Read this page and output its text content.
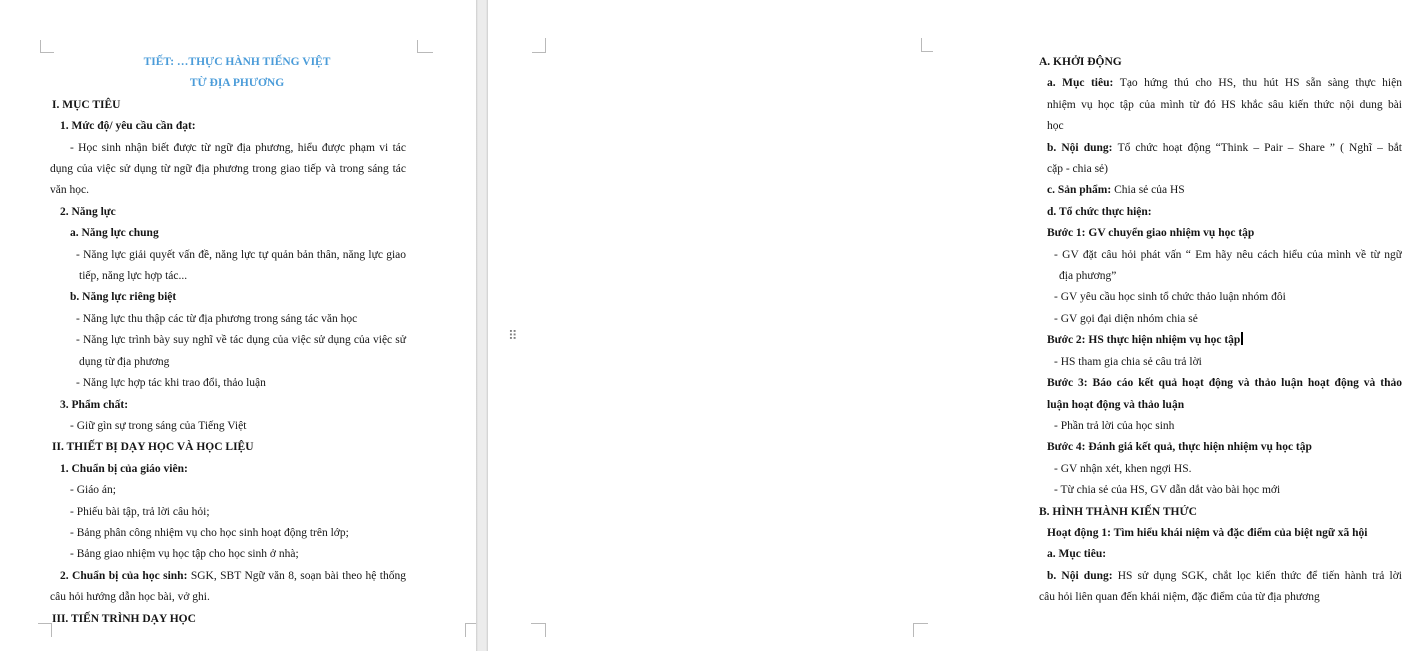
TIẾT: …THỰC HÀNH TIẾNG VIỆT
TỪ ĐỊA PHƯƠNG
I. MỤC TIÊU
1. Mức độ/ yêu cầu cần đạt:
- Học sinh nhận biết được từ ngữ địa phương, hiểu được phạm vi tác
dụng của việc sử dụng từ ngữ địa phương trong giao tiếp và trong sáng tác
văn học.
2. Năng lực
a. Năng lực chung
- Năng lực giải quyết vấn đề, năng lực tự quản bản thân, năng lực giao
tiếp, năng lực hợp tác...
b. Năng lực riêng biệt
- Năng lực thu thập các từ địa phương trong sáng tác văn học
- Năng lực trình bày suy nghĩ về tác dụng của việc sử dụng của việc sử
dụng từ địa phương
- Năng lực hợp tác khi trao đổi, thảo luận
3. Phẩm chất:
- Giữ gìn sự trong sáng của Tiếng Việt
II. THIẾT BỊ DẠY HỌC VÀ HỌC LIỆU
1. Chuẩn bị của giáo viên:
- Giáo án;
- Phiếu bài tập, trả lời câu hỏi;
- Bảng phân công nhiệm vụ cho học sinh hoạt động trên lớp;
- Bảng giao nhiệm vụ học tập cho học sinh ở nhà;
2. Chuẩn bị của học sinh: SGK, SBT Ngữ văn 8, soạn bài theo hệ thống
câu hỏi hướng dẫn học bài, vở ghi.
III. TIẾN TRÌNH DẠY HỌC
A. KHỞI ĐỘNG
a. Mục tiêu: Tạo hứng thú cho HS, thu hút HS sẵn sàng thực hiện
nhiệm vụ học tập của mình từ đó HS khắc sâu kiến thức nội dung bài
học
b. Nội dung: Tổ chức hoạt động “Think – Pair – Share ” ( Nghĩ – bắt
cặp - chia sẻ)
c. Sản phẩm: Chia sẻ của HS
d. Tổ chức thực hiện:
Bước 1: GV chuyển giao nhiệm vụ học tập
- GV đặt câu hỏi phát vấn “ Em hãy nêu cách hiểu của mình về từ ngữ
địa phương”
- GV yêu cầu học sinh tổ chức thảo luận nhóm đôi
- GV gọi đại diện nhóm chia sẻ
Bước 2: HS thực hiện nhiệm vụ học tập
- HS tham gia chia sẻ câu trả lời
Bước 3: Báo cáo kết quả hoạt động và thảo luận hoạt động và thảo
luận hoạt động và thảo luận
- Phần trả lời của học sinh
Bước 4: Đánh giá kết quả, thực hiện nhiệm vụ học tập
- GV nhận xét, khen ngợi HS.
- Từ chia sẻ của HS, GV dẫn dắt vào bài học mới
B. HÌNH THÀNH KIẾN THỨC
Hoạt động 1: Tìm hiểu khái niệm và đặc điểm của biệt ngữ xã hội
a. Mục tiêu:
b. Nội dung: HS sử dụng SGK, chắt lọc kiến thức để tiến hành trả lời
câu hỏi liên quan đến khái niệm, đặc điểm của từ địa phương
⠿
